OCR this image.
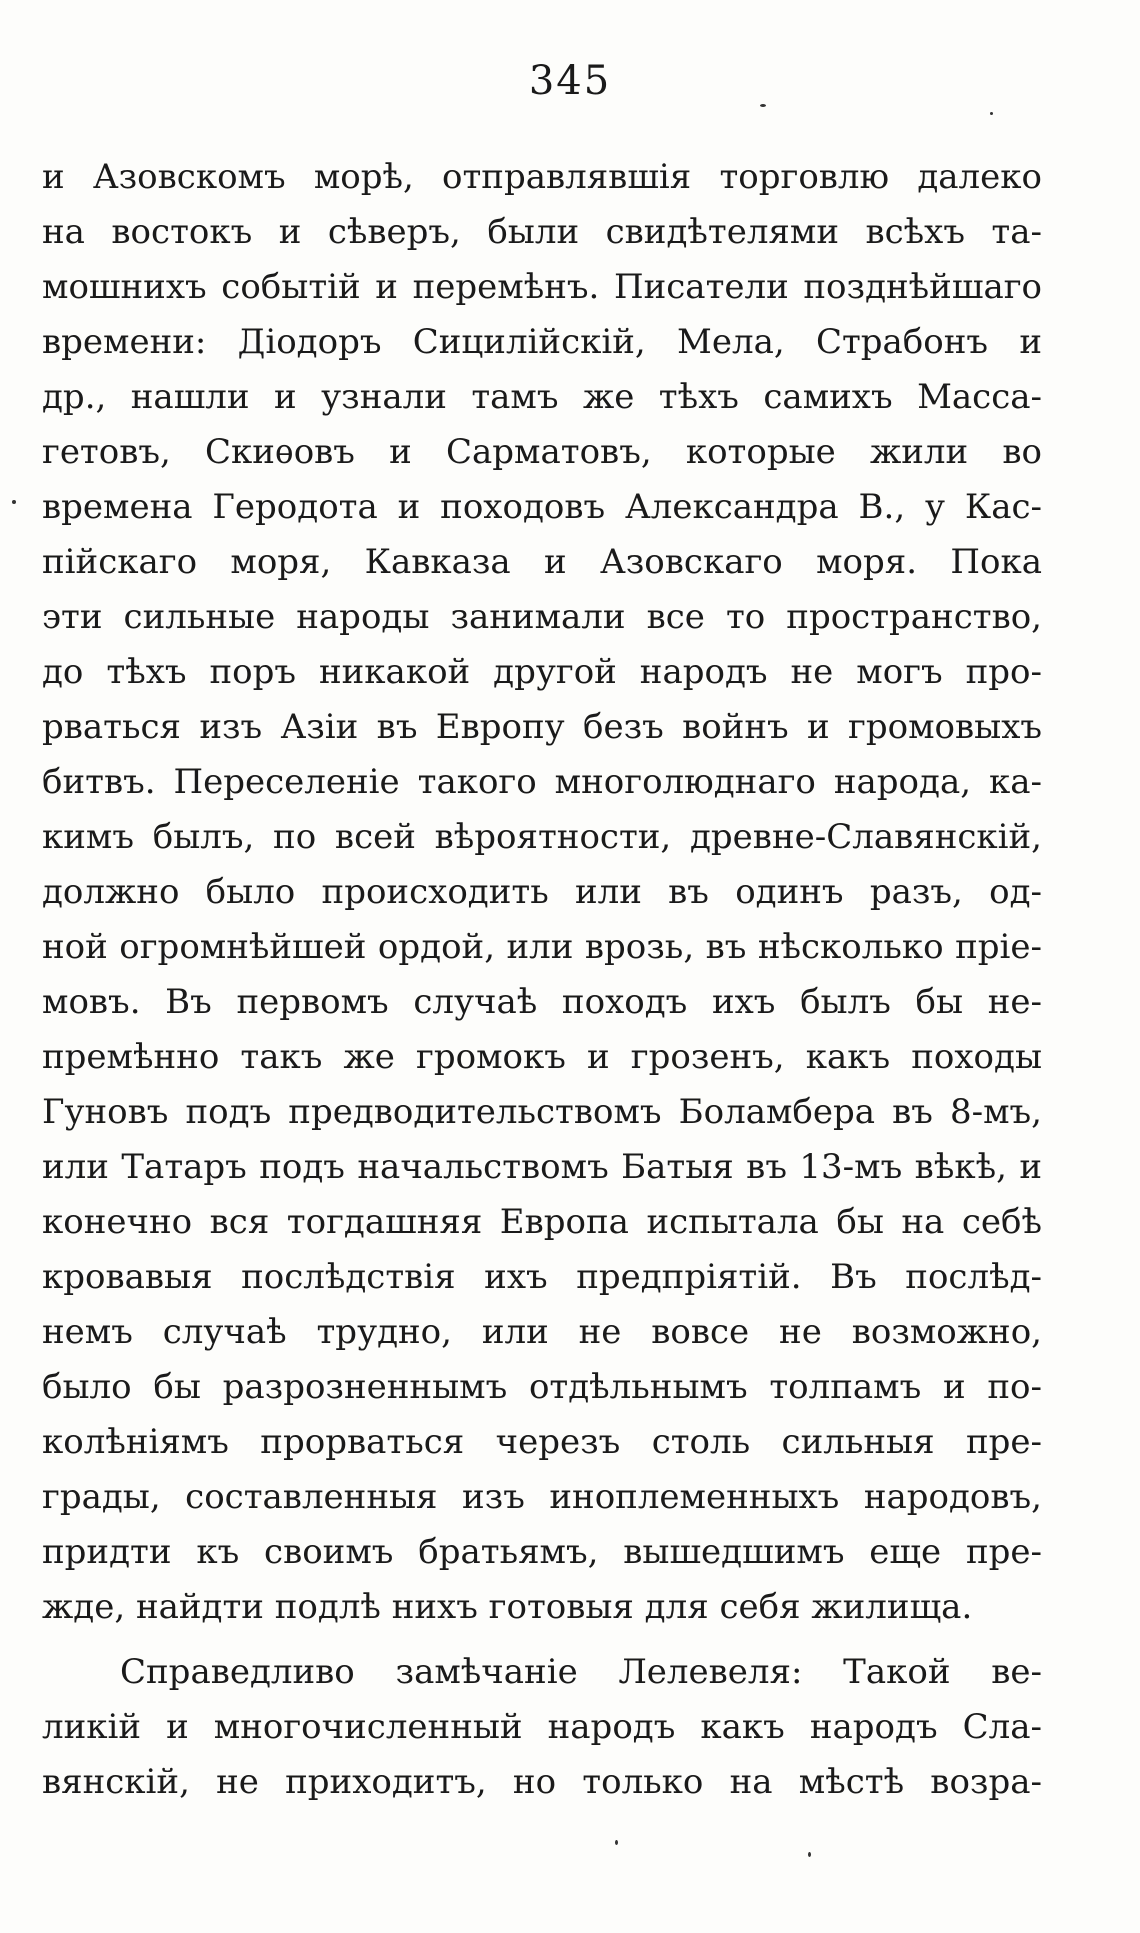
345
и Азовскомъ морѣ, отправлявшія торговлю далеко
на востокъ и сѣверъ, были свидѣтелями всѣхъ та-
мошнихъ событій и перемѣнъ. Писатели позднѣйшаго
времени: Діодоръ Сицилійскій, Мела, Страбонъ и
др., нашли и узнали тамъ же тѣхъ самихъ Масса-
гетовъ, Скиѳовъ и Сарматовъ, которые жили во
времена Геродота и походовъ Александра В., у Кас-
пійскаго моря, Кавказа и Азовскаго моря. Пока
эти сильные народы занимали все то пространство,
до тѣхъ поръ никакой другой народъ не могъ про-
рваться изъ Азіи въ Европу безъ войнъ и громовыхъ
битвъ. Переселеніе такого многолюднаго народа, ка-
кимъ былъ, по всей вѣроятности, древне-Славянскій,
должно было происходить или въ одинъ разъ, од-
ной огромнѣйшей ордой, или врозь, въ нѣсколько пріе-
мовъ. Въ первомъ случаѣ походъ ихъ былъ бы не-
премѣнно такъ же громокъ и грозенъ, какъ походы
Гуновъ подъ предводительствомъ Боламбера въ 8-мъ,
или Татаръ подъ начальствомъ Батыя въ 13-мъ вѣкѣ, и
конечно вся тогдашняя Европа испытала бы на себѣ
кровавыя послѣдствія ихъ предпріятій. Въ послѣд-
немъ случаѣ трудно, или не вовсе не возможно,
было бы разрозненнымъ отдѣльнымъ толпамъ и по-
колѣніямъ прорваться черезъ столь сильныя пре-
грады, составленныя изъ иноплеменныхъ народовъ,
придти къ своимъ братьямъ, вышедшимъ еще пре-
жде, найдти подлѣ нихъ готовыя для себя жилища.
Справедливо замѣчаніе Лелевеля: Такой ве-
ликій и многочисленный народъ какъ народъ Сла-
вянскій, не приходитъ, но только на мѣстѣ возра-
